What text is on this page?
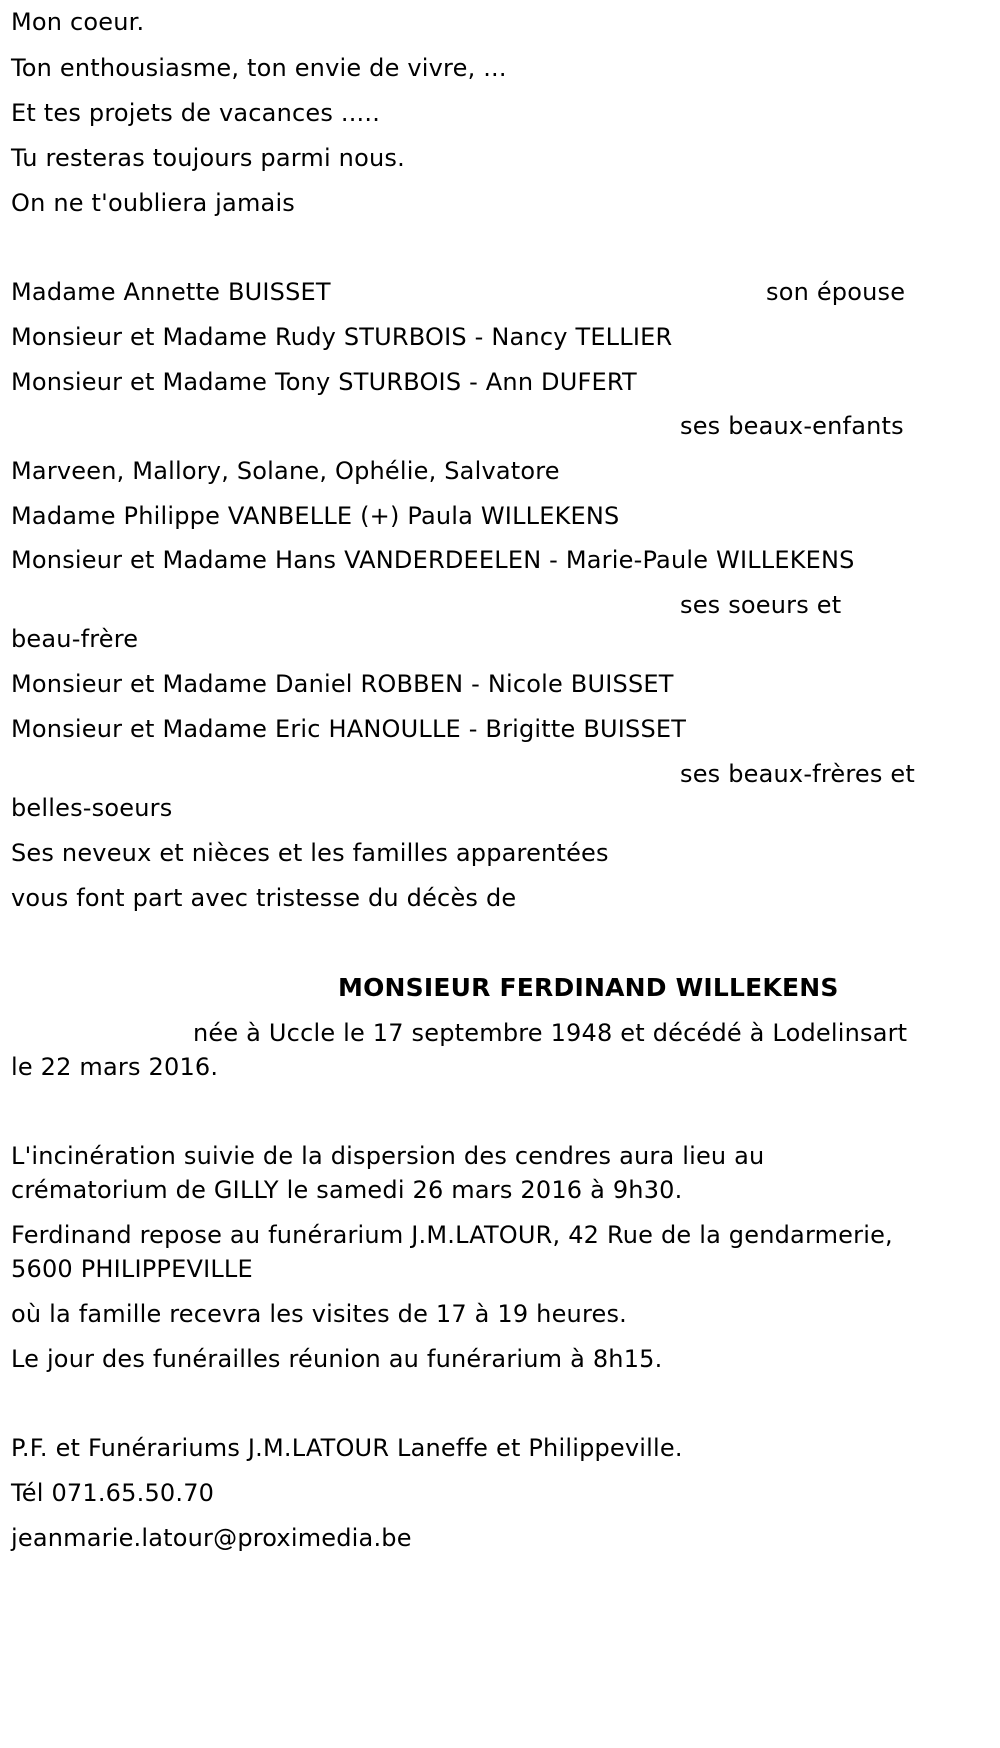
Mon coeur.

Ton enthousiasme, ton envie de vivre, ...

Et tes projets de vacances .....

Tu resteras toujours parmi nous.

On ne t'oubliera jamais

Madame Annette BUISSET	son épouse

Monsieur et Madame Rudy STURBOIS - Nancy TELLIER

Monsieur et Madame Tony STURBOIS - Ann DUFERT

ses beaux-enfants

Marveen, Mallory, Solane, Ophélie, Salvatore

Madame Philippe VANBELLE (+) Paula WILLEKENS

Monsieur et Madame Hans VANDERDEELEN - Marie-Paule WILLEKENS

ses soeurs et

beau-frère

Monsieur et Madame Daniel ROBBEN - Nicole BUISSET

Monsieur et Madame Eric HANOULLE - Brigitte BUISSET

ses beaux-frères et

belles-soeurs

Ses neveux et nièces et les familles apparentées

vous font part avec tristesse du décès de

MONSIEUR FERDINAND WILLEKENS

née à Uccle le 17 septembre 1948 et décédé à Lodelinsart

le 22 mars 2016.

L'incinération suivie de la dispersion des cendres aura lieu au

crématorium de GILLY le samedi 26 mars 2016 à 9h30.

Ferdinand repose au funérarium J.M.LATOUR, 42 Rue de la gendarmerie,

5600 PHILIPPEVILLE

où la famille recevra les visites de 17 à 19 heures.

Le jour des funérailles réunion au funérarium à 8h15.

P.F. et Funérariums J.M.LATOUR Laneffe et Philippeville.

Tél 071.65.50.70

jeanmarie.latour@proximedia.be
